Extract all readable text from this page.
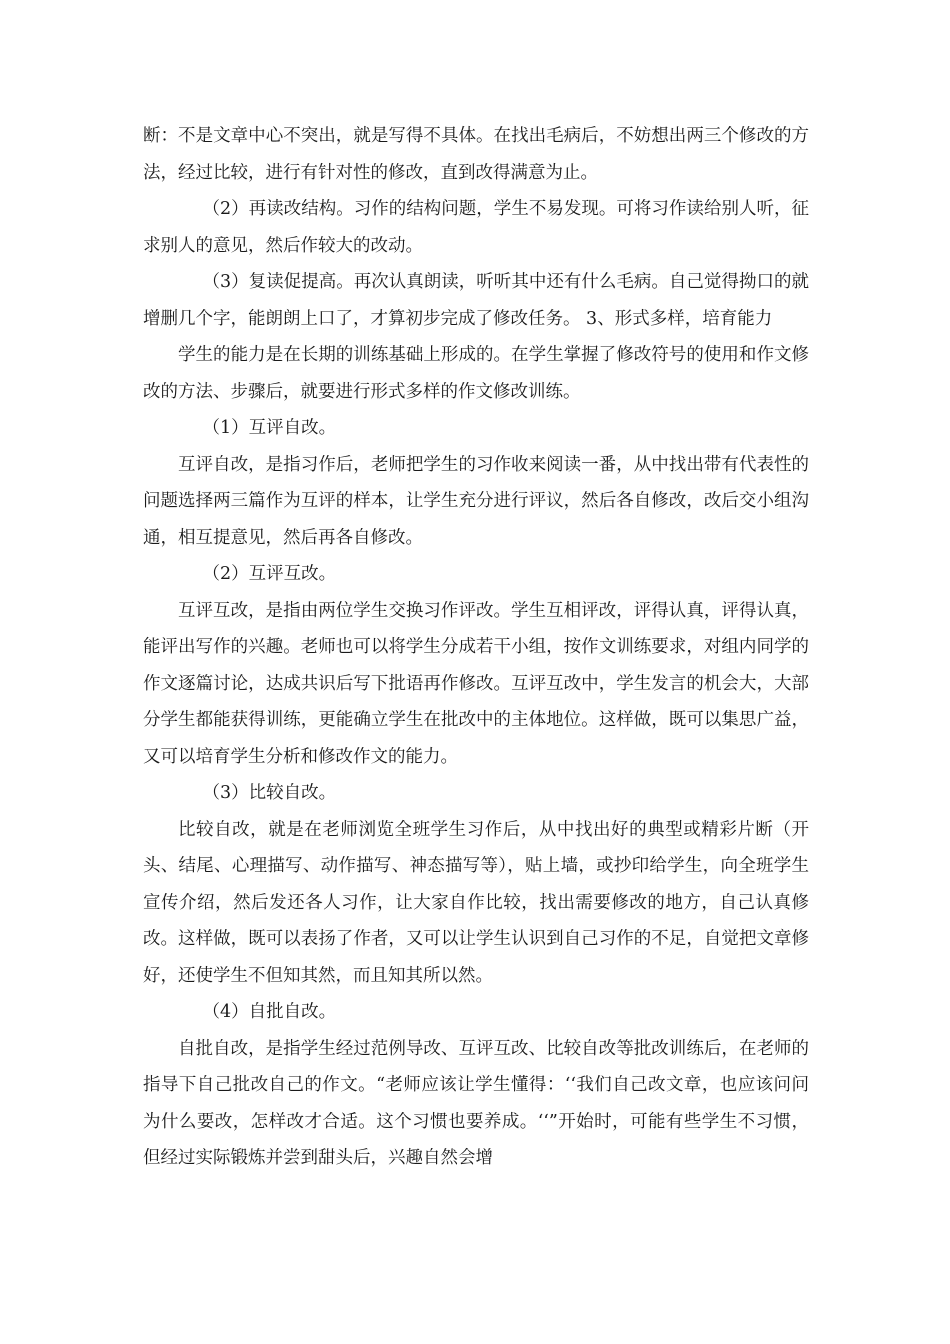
断：不是文章中心不突出，就是写得不具体。在找出毛病后，不妨想出两三个修改的方法，经过比较，进行有针对性的修改，直到改得满意为止。

（2）再读改结构。习作的结构问题，学生不易发现。可将习作读给别人听，征求别人的意见，然后作较大的改动。

（3）复读促提高。再次认真朗读，听听其中还有什么毛病。自己觉得拗口的就增删几个字，能朗朗上口了，才算初步完成了修改任务。 3、形式多样，培育能力

学生的能力是在长期的训练基础上形成的。在学生掌握了修改符号的使用和作文修改的方法、步骤后，就要进行形式多样的作文修改训练。

（1）互评自改。

互评自改，是指习作后，老师把学生的习作收来阅读一番，从中找出带有代表性的问题选择两三篇作为互评的样本，让学生充分进行评议，然后各自修改，改后交小组沟通，相互提意见，然后再各自修改。

（2）互评互改。

互评互改，是指由两位学生交换习作评改。学生互相评改，评得认真，评得认真，能评出写作的兴趣。老师也可以将学生分成若干小组，按作文训练要求，对组内同学的作文逐篇讨论，达成共识后写下批语再作修改。互评互改中，学生发言的机会大，大部分学生都能获得训练，更能确立学生在批改中的主体地位。这样做，既可以集思广益，又可以培育学生分析和修改作文的能力。

（3）比较自改。

比较自改，就是在老师浏览全班学生习作后，从中找出好的典型或精彩片断（开头、结尾、心理描写、动作描写、神态描写等），贴上墙，或抄印给学生，向全班学生宣传介绍，然后发还各人习作，让大家自作比较，找出需要修改的地方，自己认真修改。这样做，既可以表扬了作者，又可以让学生认识到自己习作的不足，自觉把文章修好，还使学生不但知其然，而且知其所以然。

（4）自批自改。

自批自改，是指学生经过范例导改、互评互改、比较自改等批改训练后，在老师的指导下自己批改自己的作文。“老师应该让学生懂得：‘‘我们自己改文章，也应该问问为什么要改，怎样改才合适。这个习惯也要养成。‘‘”开始时，可能有些学生不习惯，但经过实际锻炼并尝到甜头后，兴趣自然会增
